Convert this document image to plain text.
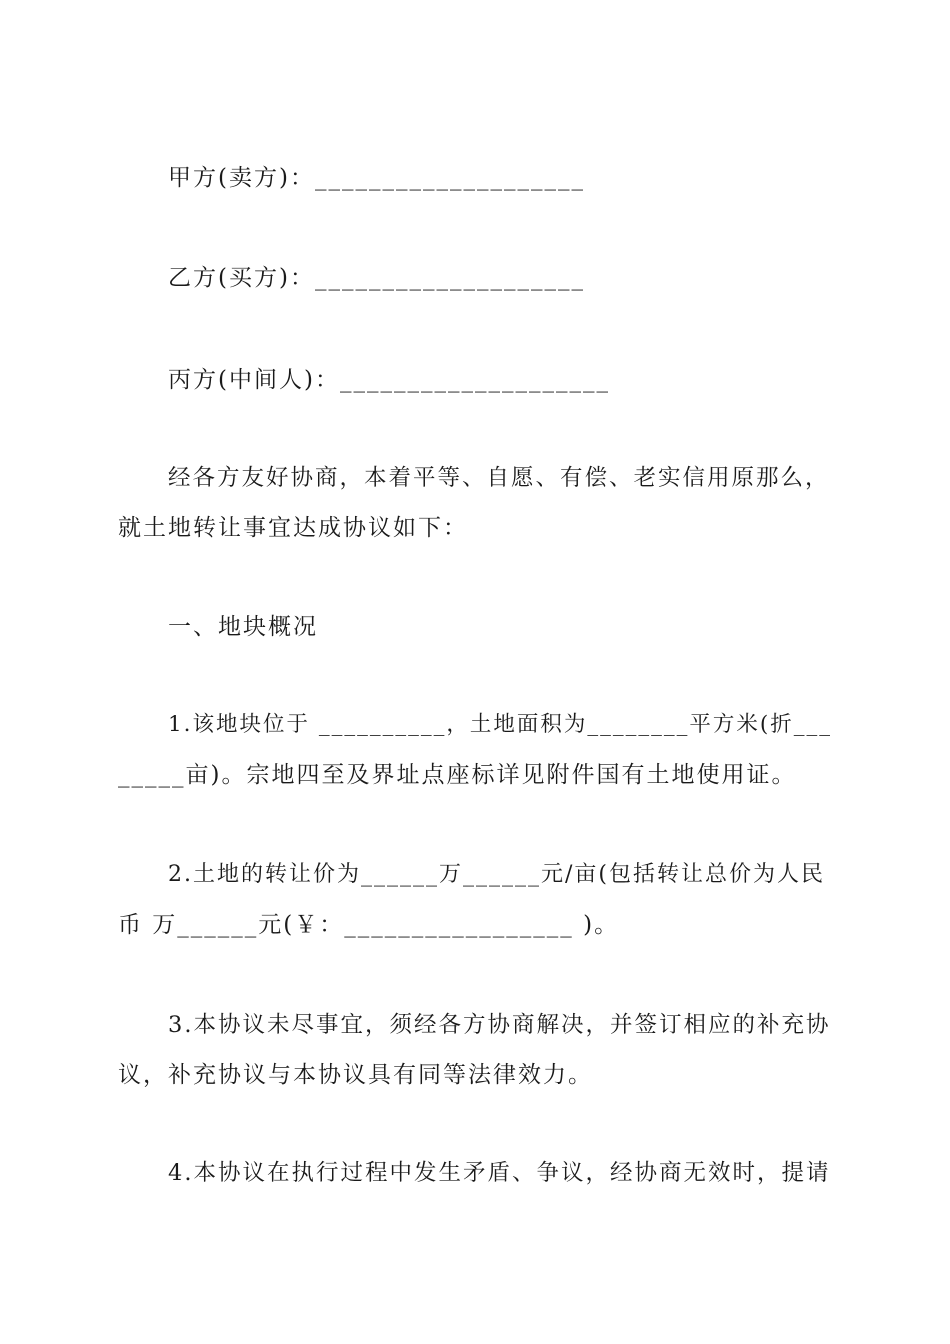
甲方(卖方)：____________________
乙方(买方)：____________________
丙方(中间人)：____________________
经各方友好协商，本着平等、自愿、有偿、老实信用原那么，
就土地转让事宜达成协议如下：
一、地块概况
1.该地块位于 __________，土地面积为________平方米(折___
_____亩)。宗地四至及界址点座标详见附件国有土地使用证。
2.土地的转让价为______万______元/亩(包括转让总价为人民
币 万______元(￥：_________________ )。
3.本协议未尽事宜，须经各方协商解决，并签订相应的补充协
议，补充协议与本协议具有同等法律效力。
4.本协议在执行过程中发生矛盾、争议，经协商无效时，提请
